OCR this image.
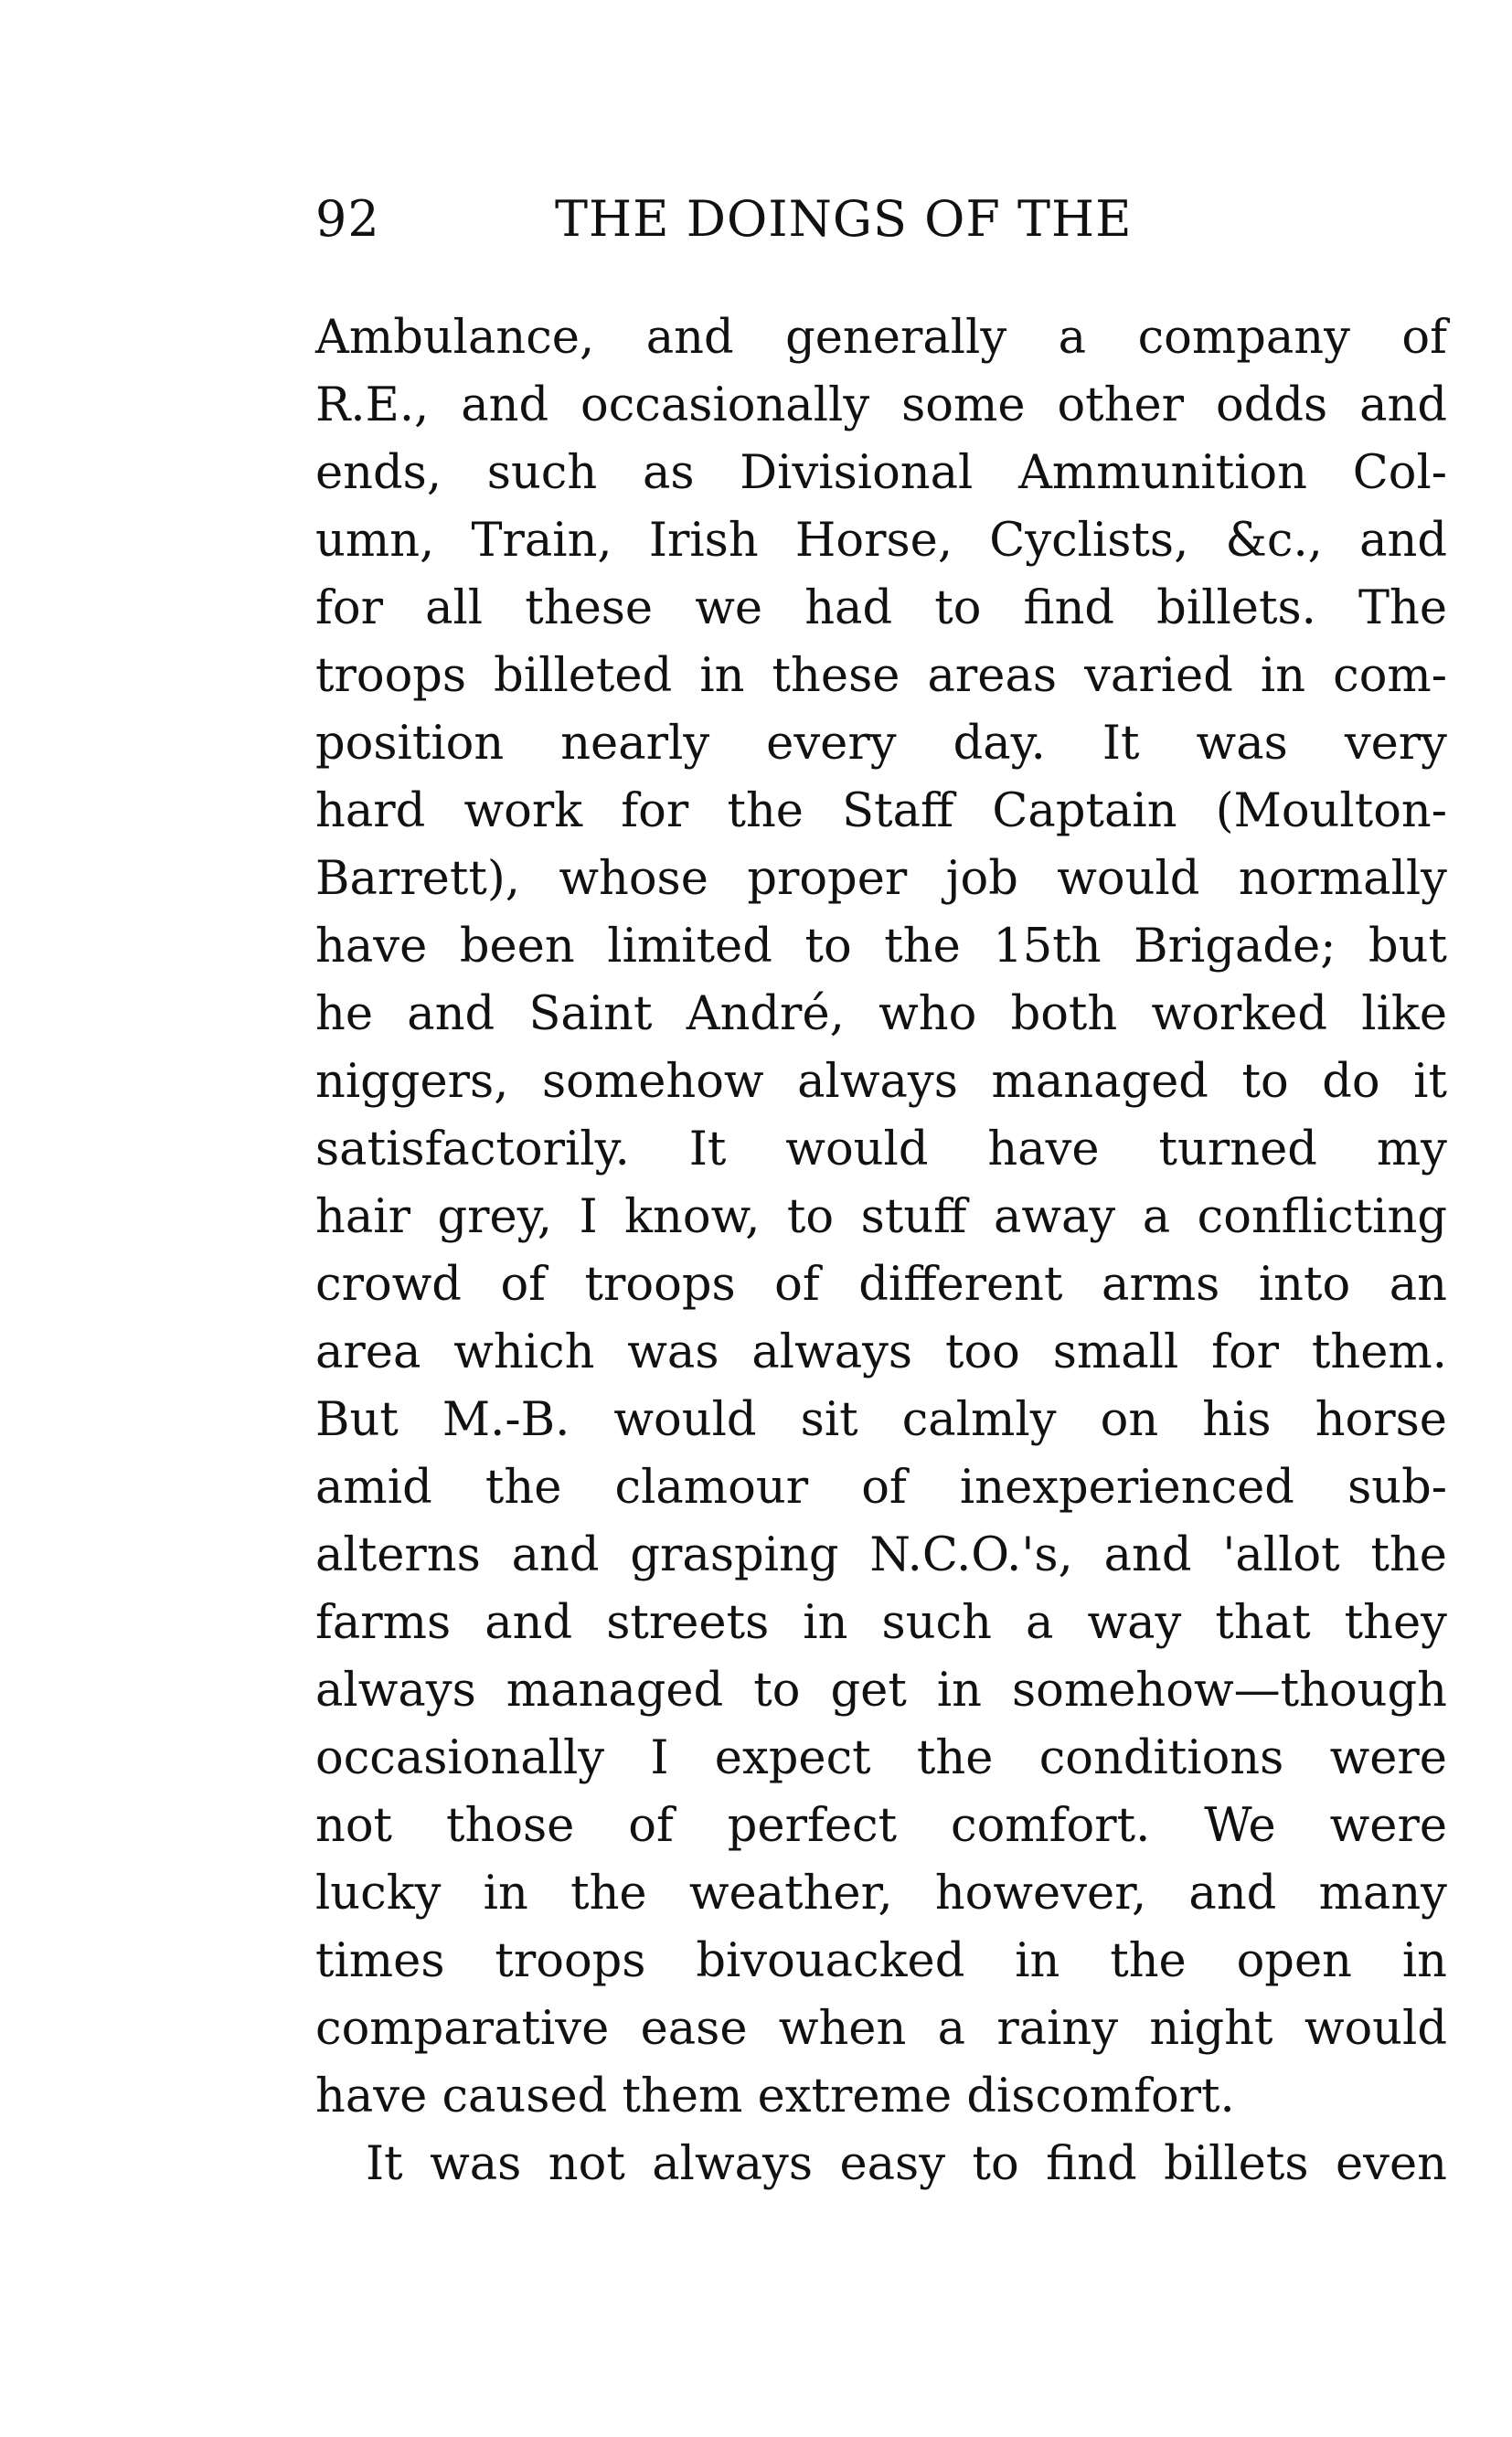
92	THE DOINGS OF THE
Ambulance, and generally a company of
R.E., and occasionally some other odds and
ends, such as Divisional Ammunition Col-
umn, Train, Irish Horse, Cyclists, &c., and
for all these we had to find billets. The
troops billeted in these areas varied in com-
position nearly every day. It was very
hard work for the Staff Captain (Moulton-
Barrett), whose proper job would normally
have been limited to the 15th Brigade; but
he and Saint André, who both worked like
niggers, somehow always managed to do it
satisfactorily. It would have turned my
hair grey, I know, to stuff away a conflicting
crowd of troops of different arms into an
area which was always too small for them.
But M.-B. would sit calmly on his horse
amid the clamour of inexperienced sub-
alterns and grasping N.C.O.'s, and 'allot the
farms and streets in such a way that they
always managed to get in somehow—though
occasionally I expect the conditions were
not those of perfect comfort. We were
lucky in the weather, however, and many
times troops bivouacked in the open in
comparative ease when a rainy night would
have caused them extreme discomfort.
It was not always easy to find billets even
